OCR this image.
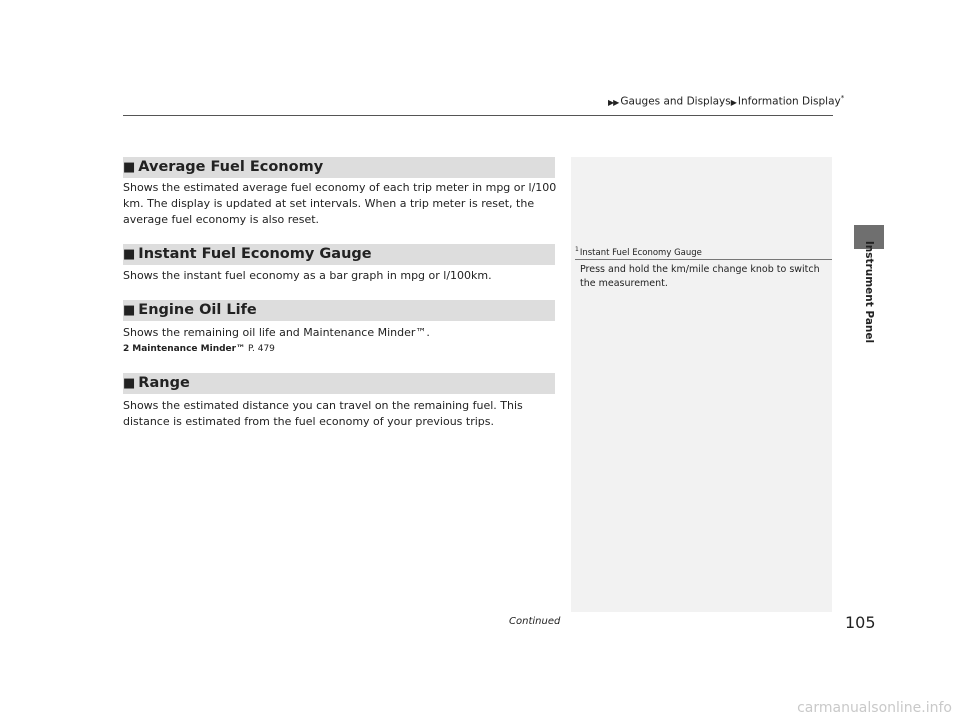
▶▶ Gauges and Displays▶ Information Display*
■ Average Fuel Economy
Shows the estimated average fuel economy of each trip meter in mpg or l/100 km. The display is updated at set intervals. When a trip meter is reset, the average fuel economy is also reset.
■ Instant Fuel Economy Gauge
Shows the instant fuel economy as a bar graph in mpg or l/100km.
■ Engine Oil Life
Shows the remaining oil life and Maintenance Minder™.
2 Maintenance Minder™ P. 479
■ Range
Shows the estimated distance you can travel on the remaining fuel. This distance is estimated from the fuel economy of your previous trips.
$^1$Instant Fuel Economy Gauge
Press and hold the km/mile change knob to switch the measurement.
Continued	105
Instrument Panel
carmanualsonline.info
